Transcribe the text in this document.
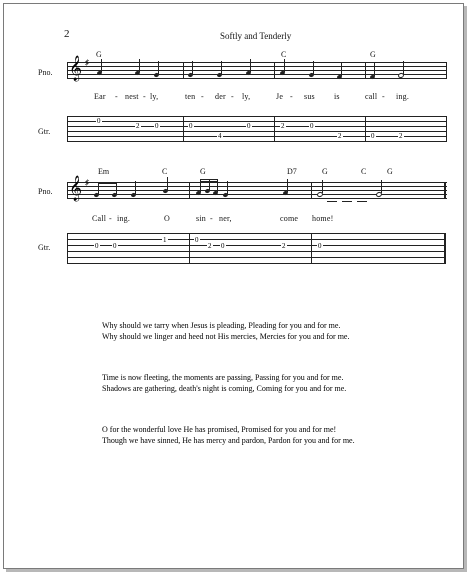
2	Softly and Tenderly
Pno.
Gtr.
G	C	G
𝄞 ♯
Ear - nest - ly,	ten - der - ly,	Je - sus is	call - ing.
0
2 0	0
4
0	2	0
2	0	2
Pno.
Gtr.
Em	C	G	D7	G	C	G
𝄞 ♯
Call - ing.	O	sin - ner,	come home!
0 0
1	0
2 0	2	0
Why should we tarry when Jesus is pleading, Pleading for you and for me.
Why should we linger and heed not His mercies, Mercies for you and for me.
Time is now fleeting, the moments are passing, Passing for you and for me.
Shadows are gathering, death's night is coming, Coming for you and for me.
O for the wonderful love He has promised, Promised for you and for me!
Though we have sinned, He has mercy and pardon, Pardon for you and for me.
